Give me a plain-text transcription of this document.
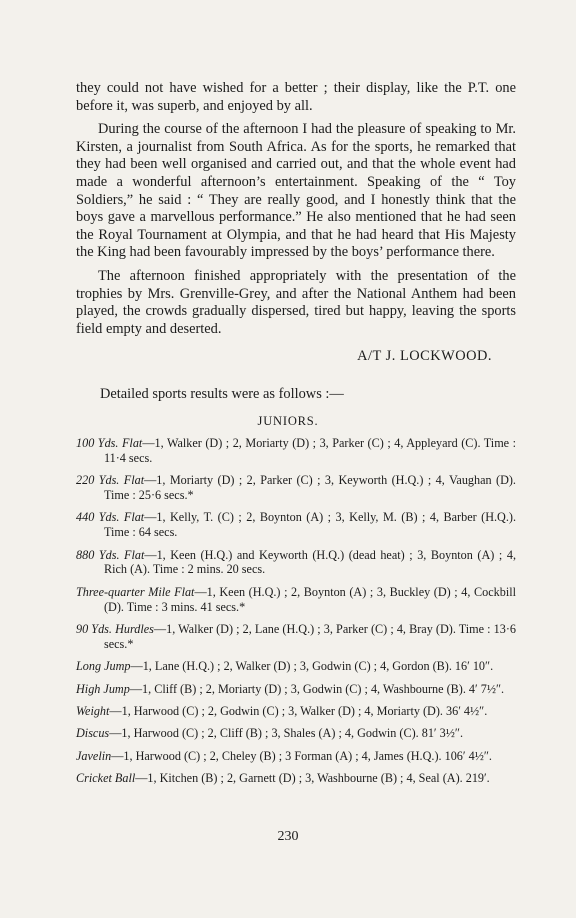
they could not have wished for a better ; their display, like the P.T. one before it, was superb, and enjoyed by all.

During the course of the afternoon I had the pleasure of speaking to Mr. Kirsten, a journalist from South Africa. As for the sports, he remarked that they had been well organised and carried out, and that the whole event had made a wonderful afternoon’s entertainment. Speaking of the “ Toy Soldiers,” he said : “ They are really good, and I honestly think that the boys gave a marvellous performance.” He also mentioned that he had seen the Royal Tournament at Olympia, and that he had heard that His Majesty the King had been favourably impressed by the boys’ performance there.

The afternoon finished appropriately with the presentation of the trophies by Mrs. Grenville-Grey, and after the National Anthem had been played, the crowds gradually dispersed, tired but happy, leaving the sports field empty and deserted.

A/T J. LOCKWOOD.
Detailed sports results were as follows :—
JUNIORS.

100 Yds. Flat—1, Walker (D) ; 2, Moriarty (D) ; 3, Parker (C) ; 4, Appleyard (C). Time : 11·4 secs.

220 Yds. Flat—1, Moriarty (D) ; 2, Parker (C) ; 3, Keyworth (H.Q.) ; 4, Vaughan (D). Time : 25·6 secs.*

440 Yds. Flat—1, Kelly, T. (C) ; 2, Boynton (A) ; 3, Kelly, M. (B) ; 4, Barber (H.Q.). Time : 64 secs.

880 Yds. Flat—1, Keen (H.Q.) and Keyworth (H.Q.) (dead heat) ; 3, Boynton (A) ; 4, Rich (A). Time : 2 mins. 20 secs.

Three-quarter Mile Flat—1, Keen (H.Q.) ; 2, Boynton (A) ; 3, Buckley (D) ; 4, Cockbill (D). Time : 3 mins. 41 secs.*

90 Yds. Hurdles—1, Walker (D) ; 2, Lane (H.Q.) ; 3, Parker (C) ; 4, Bray (D). Time : 13·6 secs.*

Long Jump—1, Lane (H.Q.) ; 2, Walker (D) ; 3, Godwin (C) ; 4, Gordon (B). 16′ 10″.

High Jump—1, Cliff (B) ; 2, Moriarty (D) ; 3, Godwin (C) ; 4, Washbourne (B). 4′ 7½″.

Weight—1, Harwood (C) ; 2, Godwin (C) ; 3, Walker (D) ; 4, Moriarty (D). 36′ 4½″.

Discus—1, Harwood (C) ; 2, Cliff (B) ; 3, Shales (A) ; 4, Godwin (C). 81′ 3½″.

Javelin—1, Harwood (C) ; 2, Cheley (B) ; 3 Forman (A) ; 4, James (H.Q.). 106′ 4½″.

Cricket Ball—1, Kitchen (B) ; 2, Garnett (D) ; 3, Washbourne (B) ; 4, Seal (A). 219′.

230
